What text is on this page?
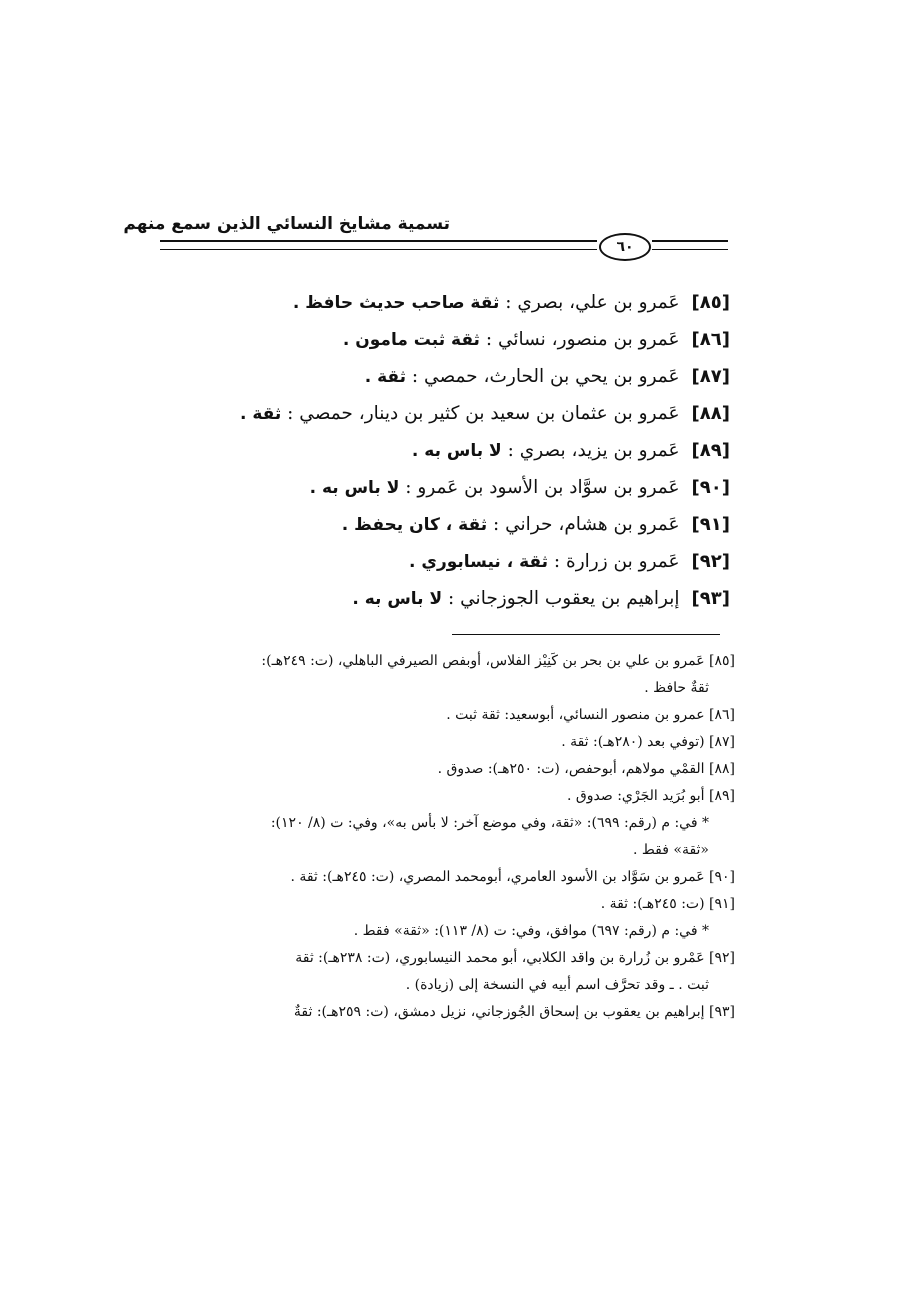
تسمية مشايخ النسائي الذين سمع منهم
٦٠
[٨٥]عَمرو بن علي، بصري : ثقة صاحب حديث حافظ .
[٨٦]عَمرو بن منصور، نسائي : ثقة ثبت مامون .
[٨٧]عَمرو بن يحي بن الحارث، حمصي : ثقة .
[٨٨]عَمرو بن عثمان بن سعيد بن كثير بن دينار، حمصي : ثقة .
[٨٩]عَمرو بن يزيد، بصري : لا باس به .
[٩٠]عَمرو بن سوَّاد بن الأسود بن عَمرو : لا باس به .
[٩١]عَمرو بن هشام، حراني : ثقة ، كان يحفظ .
[٩٢]عَمرو بن زرارة : ثقة ، نيسابوري .
[٩٣]إبراهيم بن يعقوب الجوزجاني : لا باس به .
[٨٥] عَمرو بن علي بن بحر بن كَنِيْز الفلاس، أوبفص الصيرفي الباهلي، (ت: ٢٤٩هـ):
ثقةٌ حافظ .
[٨٦] عمرو بن منصور النسائي، أبوسعيد: ثقة ثبت .
[٨٧] (توفي بعد (٢٨٠هـ): ثقة .
[٨٨] القمْي مولاهم، أبوحفص، (ت: ٢٥٠هـ): صدوق .
[٨٩] أبو بُرَيد الجَرْي: صدوق .
* في: م (رقم: ٦٩٩): «ثقة، وفي موضع آخر: لا بأس به»، وفي: ت (٨/ ١٢٠):
«ثقة» فقط .
[٩٠] عَمرو بن سَوَّاد بن الأسود العامري، أبومحمد المصري، (ت: ٢٤٥هـ): ثقة .
[٩١] (ت: ٢٤٥هـ): ثقة .
* في: م (رقم: ٦٩٧) موافق، وفي: ت (٨/ ١١٣): «ثقة» فقط .
[٩٢] عَمْرو بن زُرارة بن واقد الكلابي، أبو محمد النيسابوري، (ت: ٢٣٨هـ): ثقة
ثبت . ـ وقد تحرَّف اسم أبيه في النسخة إلى (زيادة) .
[٩٣] إبراهيم بن يعقوب بن إسحاق الجُوزجاني، نزيل دمشق، (ت: ٢٥٩هـ): ثقةٌ
